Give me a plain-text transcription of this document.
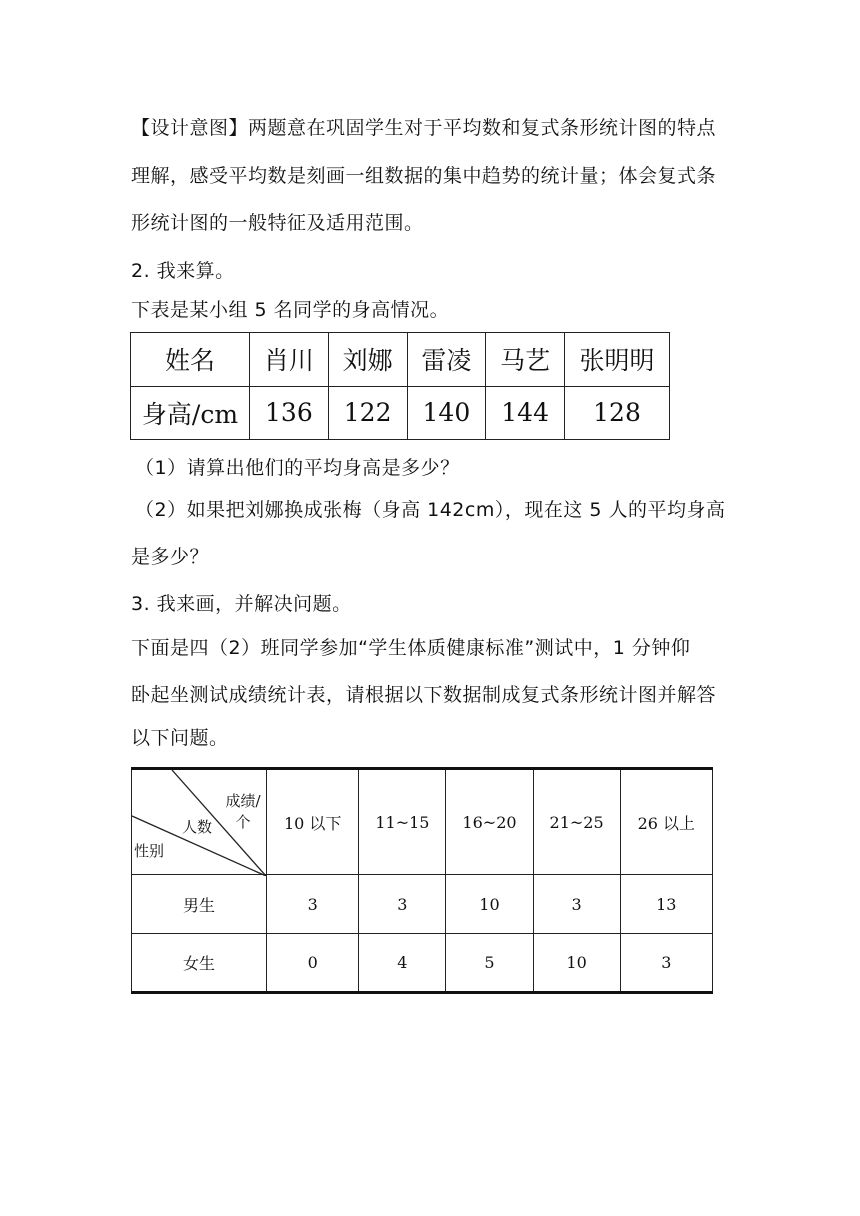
【设计意图】两题意在巩固学生对于平均数和复式条形统计图的特点
理解，感受平均数是刻画一组数据的集中趋势的统计量；体会复式条
形统计图的一般特征及适用范围。
2. 我来算。
下表是某小组 5 名同学的身高情况。
姓名	肖川	刘娜	雷凌	马艺	张明明
身高/cm	136	122	140	144	128
（1）请算出他们的平均身高是多少？
（2）如果把刘娜换成张梅（身高 142cm），现在这 5 人的平均身高
是多少？
3. 我来画，并解决问题。
下面是四（2）班同学参加“学生体质健康标准”测试中，1 分钟仰
卧起坐测试成绩统计表，请根据以下数据制成复式条形统计图并解答
以下问题。
成绩/个
人数
性别	10 以下	11~15	16~20	21~25	26 以上
男生	3	3	10	3	13
女生	0	4	5	10	3
